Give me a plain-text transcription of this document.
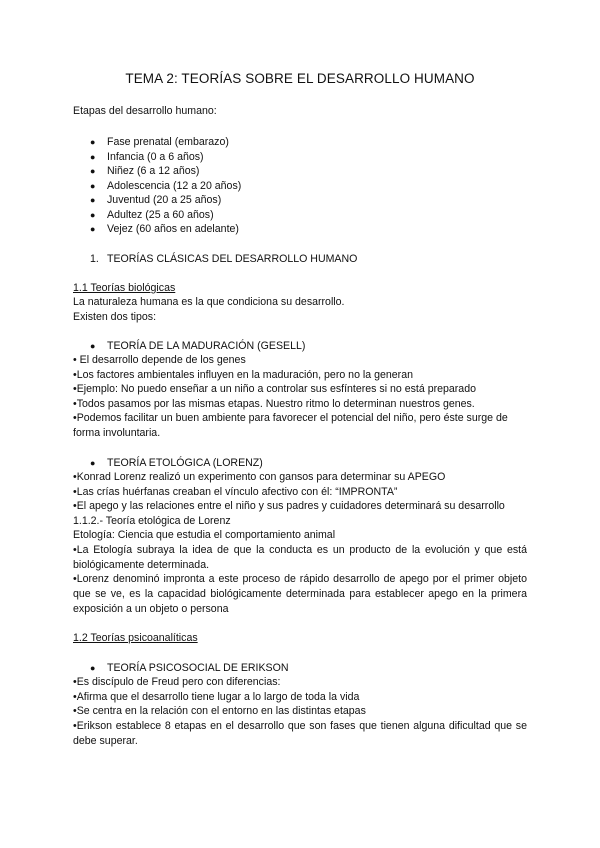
TEMA 2: TEORÍAS SOBRE EL DESARROLLO HUMANO

Etapas del desarrollo humano:

● Fase prenatal (embarazo)

● Infancia (0 a 6 años)

● Niñez (6 a 12 años)

● Adolescencia (12 a 20 años)

● Juventud (20 a 25 años)

● Adultez (25 a 60 años)

● Vejez (60 años en adelante)

1. TEORÍAS CLÁSICAS DEL DESARROLLO HUMANO

1.1 Teorías biológicas

La naturaleza humana es la que condiciona su desarrollo.

Existen dos tipos:

● TEORÍA DE LA MADURACIÓN (GESELL)

• El desarrollo depende de los genes

•Los factores ambientales influyen en la maduración, pero no la generan

•Ejemplo: No puedo enseñar a un niño a controlar sus esfínteres si no está preparado

•Todos pasamos por las mismas etapas. Nuestro ritmo lo determinan nuestros genes.

•Podemos facilitar un buen ambiente para favorecer el potencial del niño, pero éste surge de

forma involuntaria.

● TEORÍA ETOLÓGICA (LORENZ)

•Konrad Lorenz realizó un experimento con gansos para determinar su APEGO

•Las crías huérfanas creaban el vínculo afectivo con él: “IMPRONTA”

•El apego y las relaciones entre el niño y sus padres y cuidadores determinará su desarrollo

1.1.2.- Teoría etológica de Lorenz

Etología: Ciencia que estudia el comportamiento animal

•La Etología subraya la idea de que la conducta es un producto de la evolución y que está biológicamente determinada.

•Lorenz denominó impronta a este proceso de rápido desarrollo de apego por el primer objeto que se ve, es la capacidad biológicamente determinada para establecer apego en la primera exposición a un objeto o persona

1.2 Teorías psicoanalíticas

● TEORÍA PSICOSOCIAL DE ERIKSON

•Es discípulo de Freud pero con diferencias:

•Afirma que el desarrollo tiene lugar a lo largo de toda la vida

•Se centra en la relación con el entorno en las distintas etapas

•Erikson establece 8 etapas en el desarrollo que son fases que tienen alguna dificultad que se debe superar.
